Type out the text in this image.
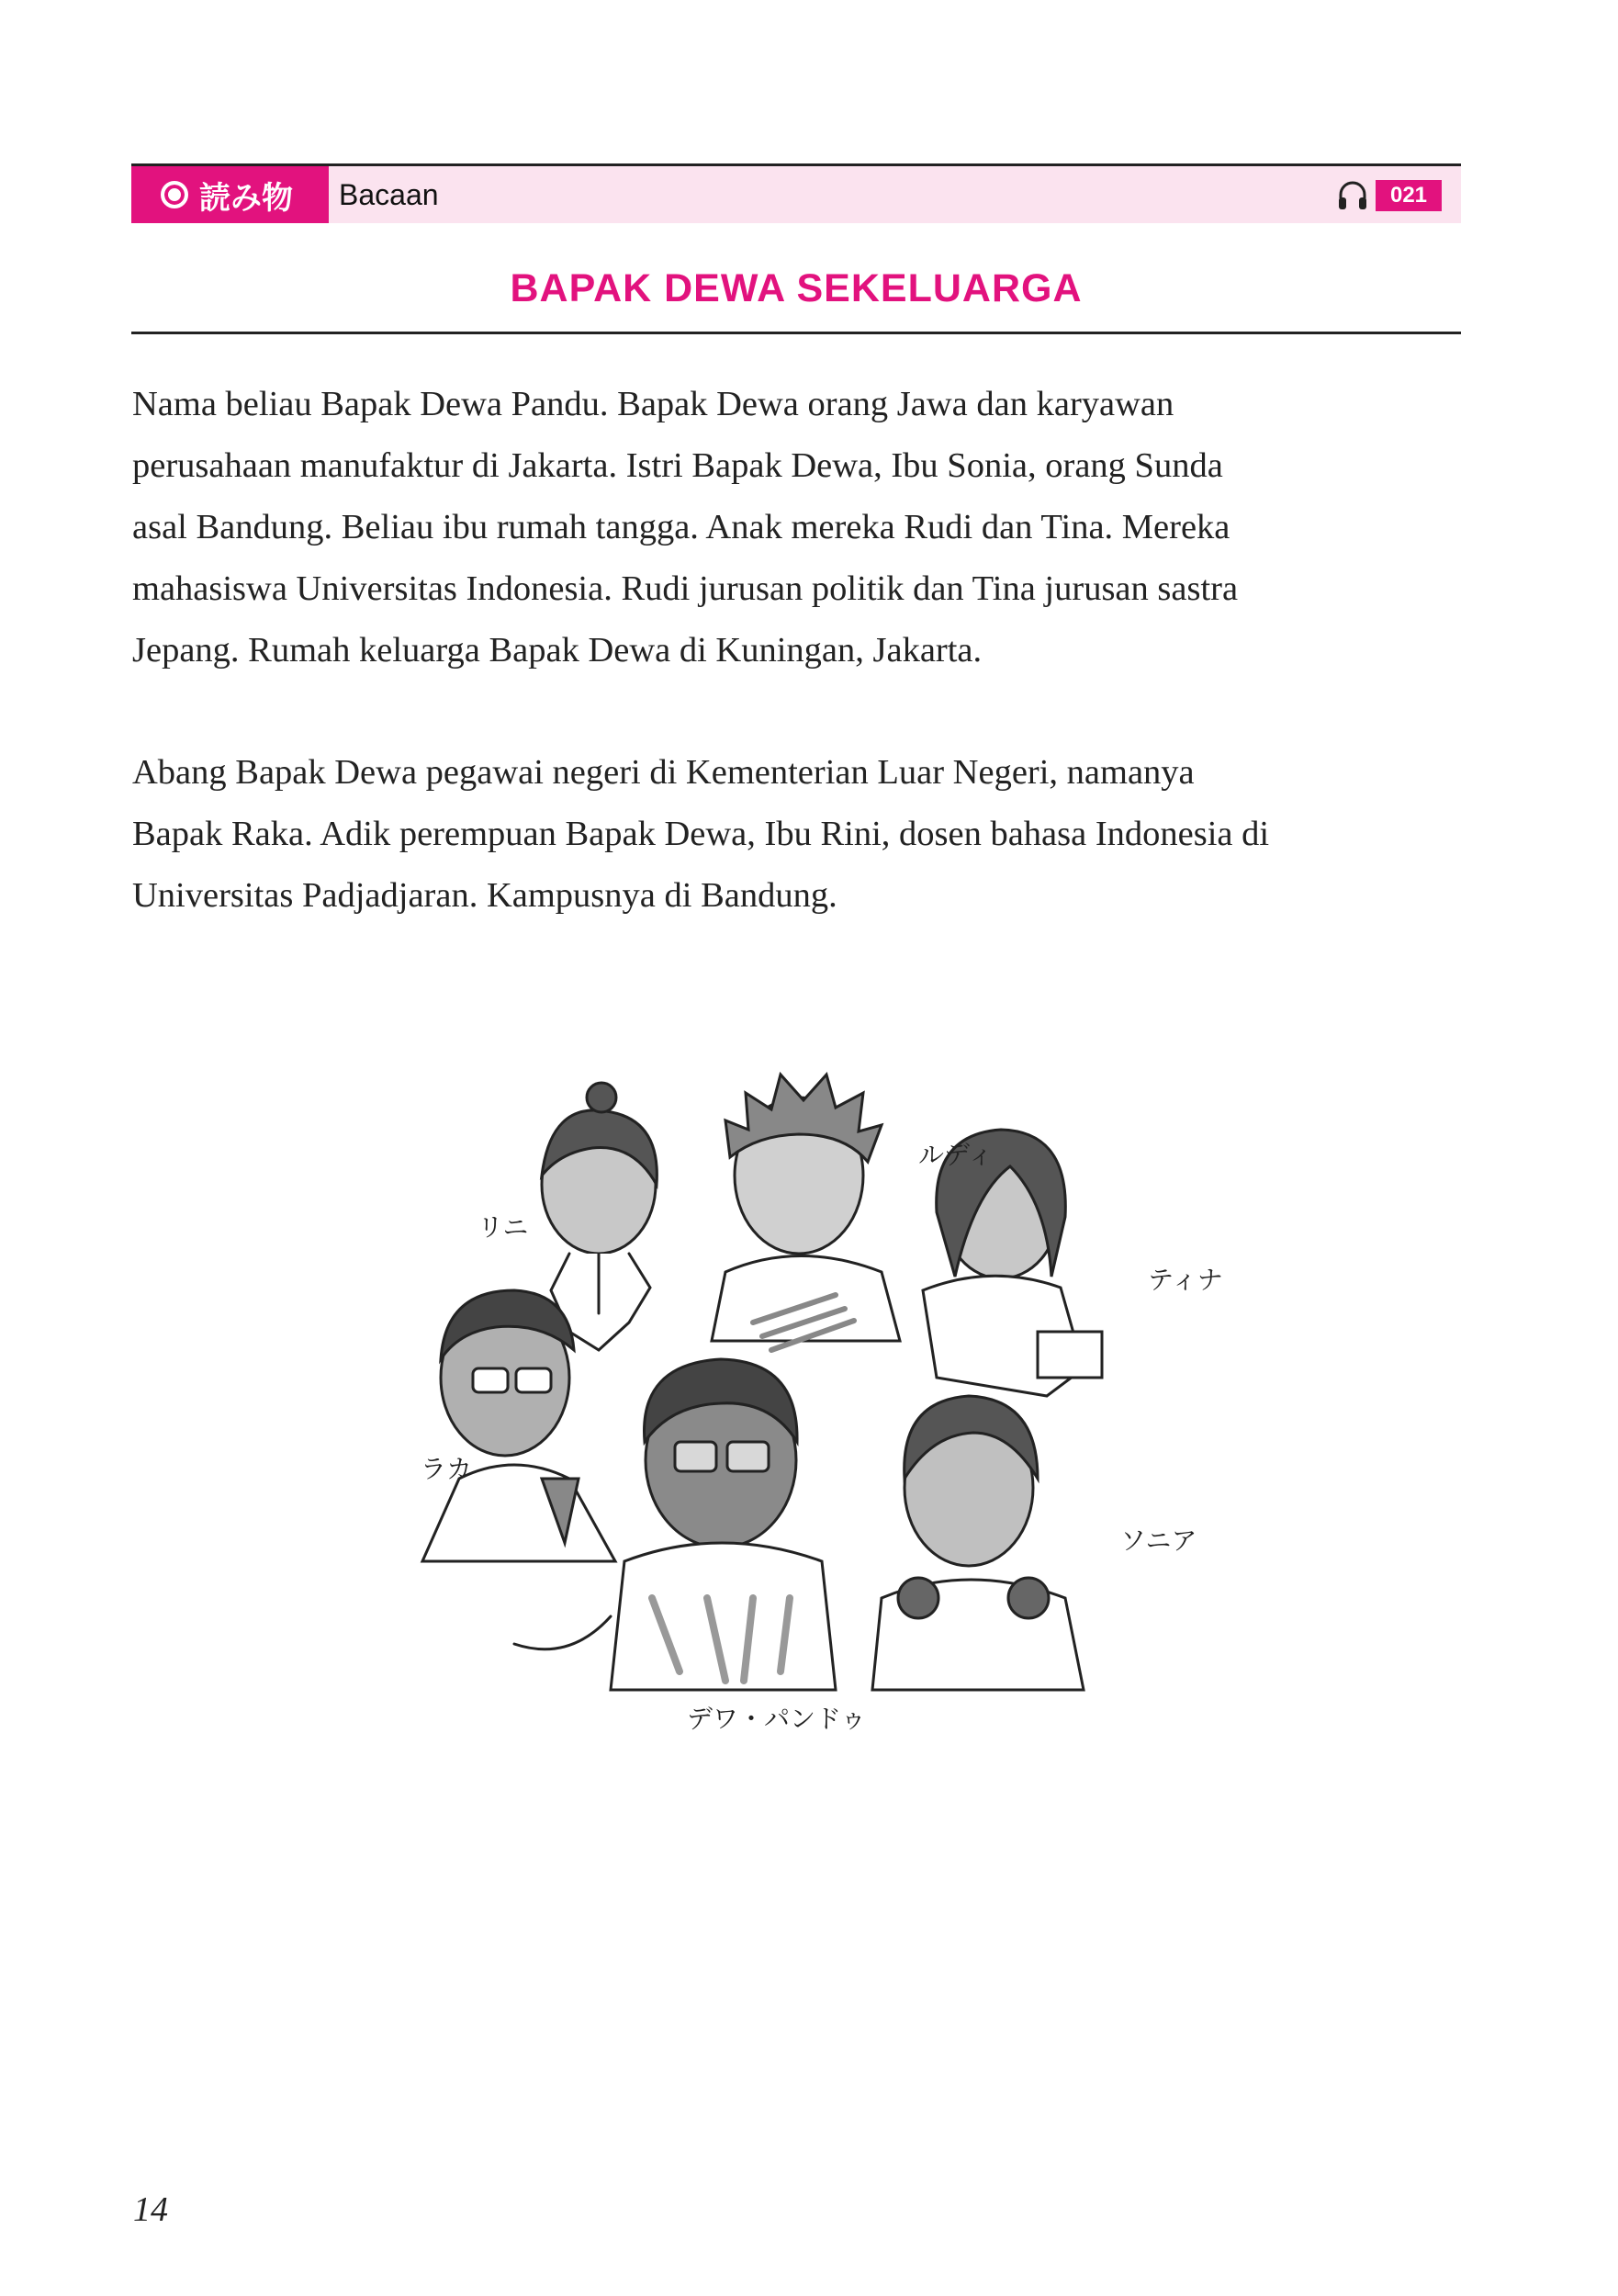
読み物 Bacaan	021
BAPAK DEWA SEKELUARGA
Nama beliau Bapak Dewa Pandu. Bapak Dewa orang Jawa dan karyawan
perusahaan manufaktur di Jakarta. Istri Bapak Dewa, Ibu Sonia, orang Sunda
asal Bandung. Beliau ibu rumah tangga. Anak mereka Rudi dan Tina. Mereka
mahasiswa Universitas Indonesia. Rudi jurusan politik dan Tina jurusan sastra
Jepang. Rumah keluarga Bapak Dewa di Kuningan, Jakarta.
Abang Bapak Dewa pegawai negeri di Kementerian Luar Negeri, namanya
Bapak Raka. Adik perempuan Bapak Dewa, Ibu Rini, dosen bahasa Indonesia di
Universitas Padjadjaran. Kampusnya di Bandung.
リニ
ルディ
ティナ
ラカ
ソニア
デワ・パンドゥ
14
